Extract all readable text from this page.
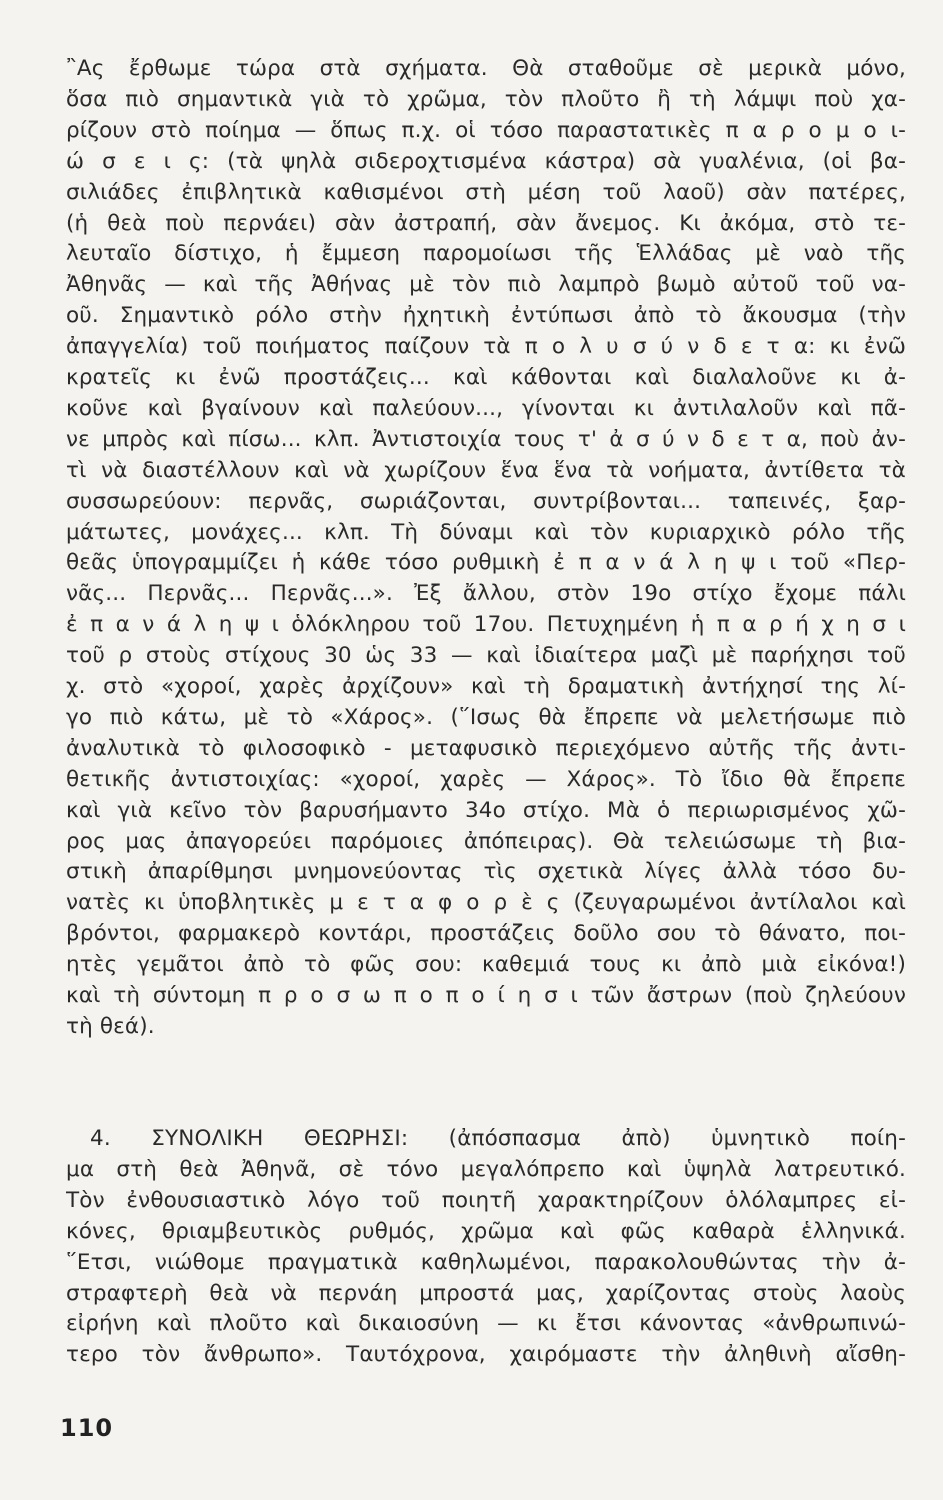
῍Ας ἔρθωμε τώρα στὰ σχήματα. Θὰ σταθοῦμε σὲ μερικὰ μόνο,
ὅσα πιὸ σημαντικὰ γιὰ τὸ χρῶμα, τὸν πλοῦτο ἢ τὴ λάμψι ποὺ χα-
ρίζουν στὸ ποίημα — ὅπως π.χ. οἱ τόσο παραστατικὲς π α ρ ο μ ο ι-
ώ σ ε ι ς: (τὰ ψηλὰ σιδεροχτισμένα κάστρα) σὰ γυαλένια, (οἱ βα-
σιλιάδες ἐπιβλητικὰ καθισμένοι στὴ μέση τοῦ λαοῦ) σὰν πατέρες,
(ἡ θεὰ ποὺ περνάει) σὰν ἀστραπή, σὰν ἄνεμος. Κι ἀκόμα, στὸ τε-
λευταῖο δίστιχο, ἡ ἔμμεση παρομοίωσι τῆς Ἑλλάδας μὲ ναὸ τῆς
Ἀθηνᾶς — καὶ τῆς Ἀθήνας μὲ τὸν πιὸ λαμπρὸ βωμὸ αὐτοῦ τοῦ να-
οῦ. Σημαντικὸ ρόλο στὴν ἠχητικὴ ἐντύπωσι ἀπὸ τὸ ἄκουσμα (τὴν
ἀπαγγελία) τοῦ ποιήματος παίζουν τὰ π ο λ υ σ ύ ν δ ε τ α: κι ἐνῶ
κρατεῖς κι ἐνῶ προστάζεις... καὶ κάθονται καὶ διαλαλοῦνε κι ἀ-
κοῦνε καὶ βγαίνουν καὶ παλεύουν..., γίνονται κι ἀντιλαλοῦν καὶ πᾶ-
νε μπρὸς καὶ πίσω... κλπ. Ἀντιστοιχία τους τ' ἀ σ ύ ν δ ε τ α, ποὺ ἀν-
τὶ νὰ διαστέλλουν καὶ νὰ χωρίζουν ἕνα ἕνα τὰ νοήματα, ἀντίθετα τὰ
συσσωρεύουν: περνᾶς, σωριάζονται, συντρίβονται... ταπεινές, ξαρ-
μάτωτες, μονάχες... κλπ. Τὴ δύναμι καὶ τὸν κυριαρχικὸ ρόλο τῆς
θεᾶς ὑπογραμμίζει ἡ κάθε τόσο ρυθμικὴ ἐ π α ν ά λ η ψ ι τοῦ «Περ-
νᾶς... Περνᾶς... Περνᾶς...». Ἐξ ἄλλου, στὸν 19ο στίχο ἔχομε πάλι
ἐ π α ν ά λ η ψ ι ὁλόκληρου τοῦ 17ου. Πετυχημένη ἡ π α ρ ή χ η σ ι
τοῦ ρ στοὺς στίχους 30 ὡς 33 — καὶ ἰδιαίτερα μαζὶ μὲ παρήχησι τοῦ
χ. στὸ «χοροί, χαρὲς ἀρχίζουν» καὶ τὴ δραματικὴ ἀντήχησί της λί-
γο πιὸ κάτω, μὲ τὸ «Χάρος». (῞Ισως θὰ ἔπρεπε νὰ μελετήσωμε πιὸ
ἀναλυτικὰ τὸ φιλοσοφικὸ - μεταφυσικὸ περιεχόμενο αὐτῆς τῆς ἀντι-
θετικῆς ἀντιστοιχίας: «χοροί, χαρὲς — Χάρος». Τὸ ἴδιο θὰ ἔπρεπε
καὶ γιὰ κεῖνο τὸν βαρυσήμαντο 34ο στίχο. Μὰ ὁ περιωρισμένος χῶ-
ρος μας ἀπαγορεύει παρόμοιες ἀπόπειρας). Θὰ τελειώσωμε τὴ βια-
στικὴ ἀπαρίθμησι μνημονεύοντας τὶς σχετικὰ λίγες ἀλλὰ τόσο δυ-
νατὲς κι ὑποβλητικὲς μ ε τ α φ ο ρ ὲ ς (ζευγαρωμένοι ἀντίλαλοι καὶ
βρόντοι, φαρμακερὸ κοντάρι, προστάζεις δοῦλο σου τὸ θάνατο, ποι-
ητὲς γεμᾶτοι ἀπὸ τὸ φῶς σου: καθεμιά τους κι ἀπὸ μιὰ εἰκόνα!)
καὶ τὴ σύντομη π ρ ο σ ω π ο π ο ί η σ ι τῶν ἄστρων (ποὺ ζηλεύουν
τὴ θεά).
4. ΣΥΝΟΛΙΚΗ ΘΕΩΡΗΣΙ: (ἀπόσπασμα ἀπὸ) ὑμνητικὸ ποίη-
μα στὴ θεὰ Ἀθηνᾶ, σὲ τόνο μεγαλόπρεπο καὶ ὑψηλὰ λατρευτικό.
Τὸν ἐνθουσιαστικὸ λόγο τοῦ ποιητῆ χαρακτηρίζουν ὁλόλαμπρες εἰ-
κόνες, θριαμβευτικὸς ρυθμός, χρῶμα καὶ φῶς καθαρὰ ἑλληνικά.
῞Ετσι, νιώθομε πραγματικὰ καθηλωμένοι, παρακολουθώντας τὴν ἀ-
στραφτερὴ θεὰ νὰ περνάη μπροστά μας, χαρίζοντας στοὺς λαοὺς
εἰρήνη καὶ πλοῦτο καὶ δικαιοσύνη — κι ἔτσι κάνοντας «ἀνθρωπινώ-
τερο τὸν ἄνθρωπο». Ταυτόχρονα, χαιρόμαστε τὴν ἀληθινὴ αἴσθη-
110
